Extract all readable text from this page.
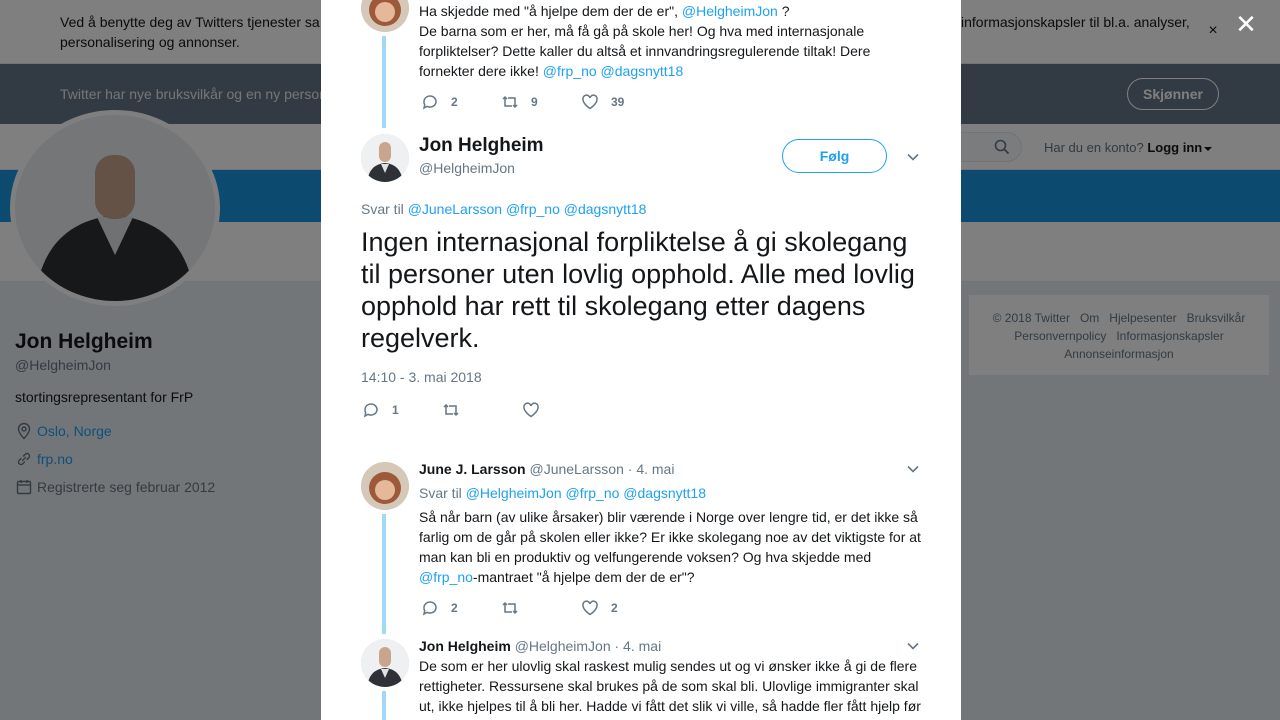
✕
Ha skjedde med "å hjelpe dem der de er", @HelgheimJon ?
De barna som er her, må få gå på skole her! Og hva med internasjonale
forpliktelser? Dette kaller du altså et innvandringsregulerende tiltak! Dere
fornekter dere ikke! @frp_no @dagsnytt18
2	9	39
Jon Helgheim
@HelgheimJon
Følg
Svar til @JuneLarsson @frp_no @dagsnytt18
Ingen internasjonal forpliktelse å gi skolegang til personer uten lovlig opphold. Alle med lovlig opphold har rett til skolegang etter dagens regelverk.
14:10 - 3. mai 2018
1
June J. Larsson @JuneLarsson · 4. mai
Svar til @HelgheimJon @frp_no @dagsnytt18
Så når barn (av ulike årsaker) blir værende i Norge over lengre tid, er det ikke så
farlig om de går på skolen eller ikke? Er ikke skolegang noe av det viktigste for at
man kan bli en produktiv og velfungerende voksen? Og hva skjedde med
@frp_no-mantraet "å hjelpe dem der de er"?
2	2
Jon Helgheim @HelgheimJon · 4. mai
De som er her ulovlig skal raskest mulig sendes ut og vi ønsker ikke å gi de flere
rettigheter. Ressursene skal brukes på de som skal bli. Ulovlige immigranter skal
ut, ikke hjelpes til å bli her. Hadde vi fått det slik vi ville, så hadde fler fått hjelp før
